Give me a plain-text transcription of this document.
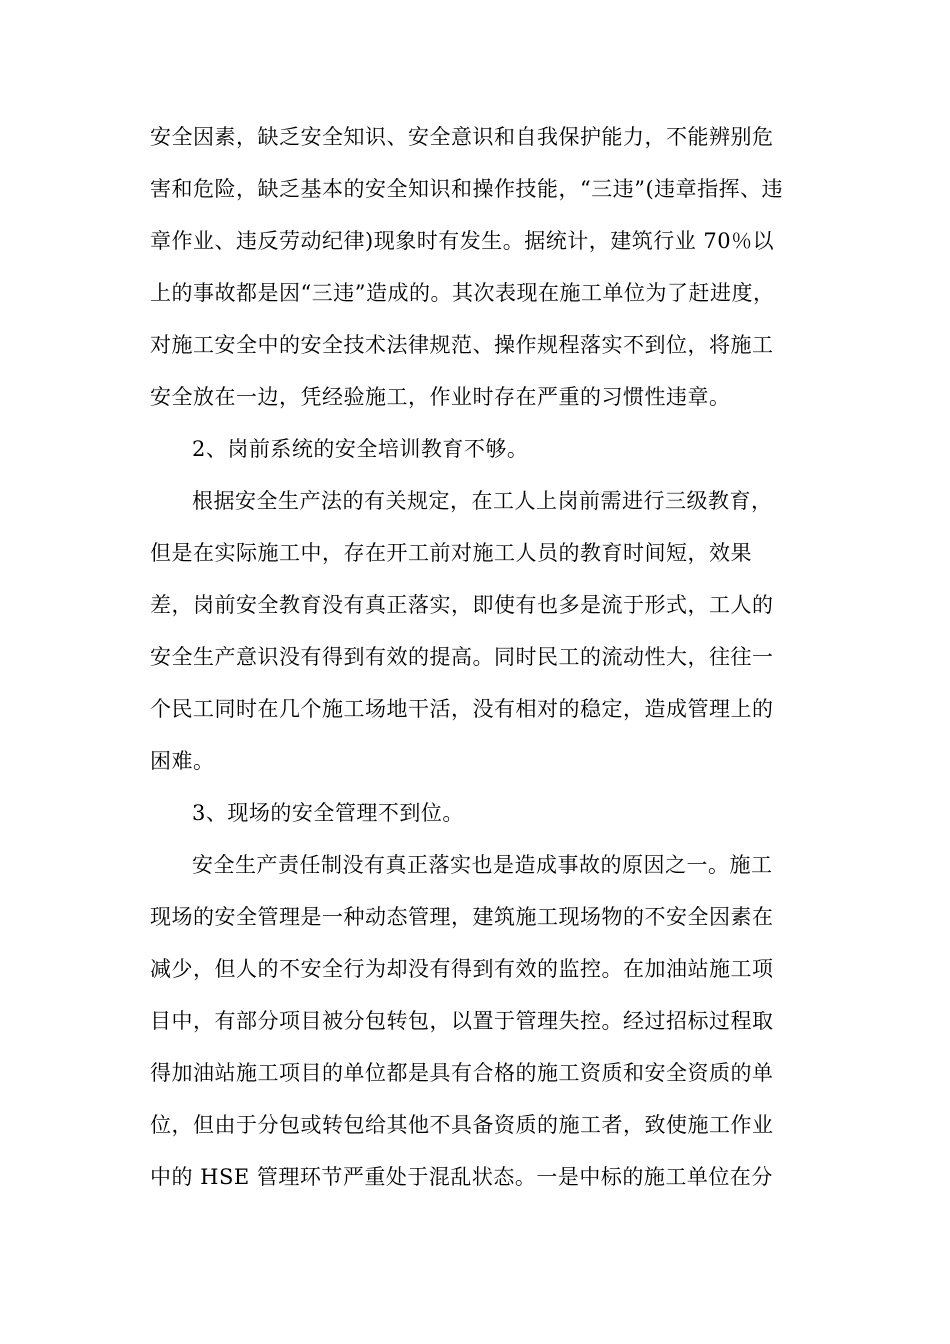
安全因素，缺乏安全知识、安全意识和自我保护能力，不能辨别危
害和危险，缺乏基本的安全知识和操作技能，“三违”(违章指挥、违
章作业、违反劳动纪律)现象时有发生。据统计，建筑行业 70％以
上的事故都是因“三违”造成的。其次表现在施工单位为了赶进度，
对施工安全中的安全技术法律规范、操作规程落实不到位，将施工
安全放在一边，凭经验施工，作业时存在严重的习惯性违章。
2、岗前系统的安全培训教育不够。
根据安全生产法的有关规定，在工人上岗前需进行三级教育，
但是在实际施工中，存在开工前对施工人员的教育时间短，效果
差，岗前安全教育没有真正落实，即使有也多是流于形式，工人的
安全生产意识没有得到有效的提高。同时民工的流动性大，往往一
个民工同时在几个施工场地干活，没有相对的稳定，造成管理上的
困难。
3、现场的安全管理不到位。
安全生产责任制没有真正落实也是造成事故的原因之一。施工
现场的安全管理是一种动态管理，建筑施工现场物的不安全因素在
减少，但人的不安全行为却没有得到有效的监控。在加油站施工项
目中，有部分项目被分包转包，以置于管理失控。经过招标过程取
得加油站施工项目的单位都是具有合格的施工资质和安全资质的单
位，但由于分包或转包给其他不具备资质的施工者，致使施工作业
中的 HSE 管理环节严重处于混乱状态。一是中标的施工单位在分
